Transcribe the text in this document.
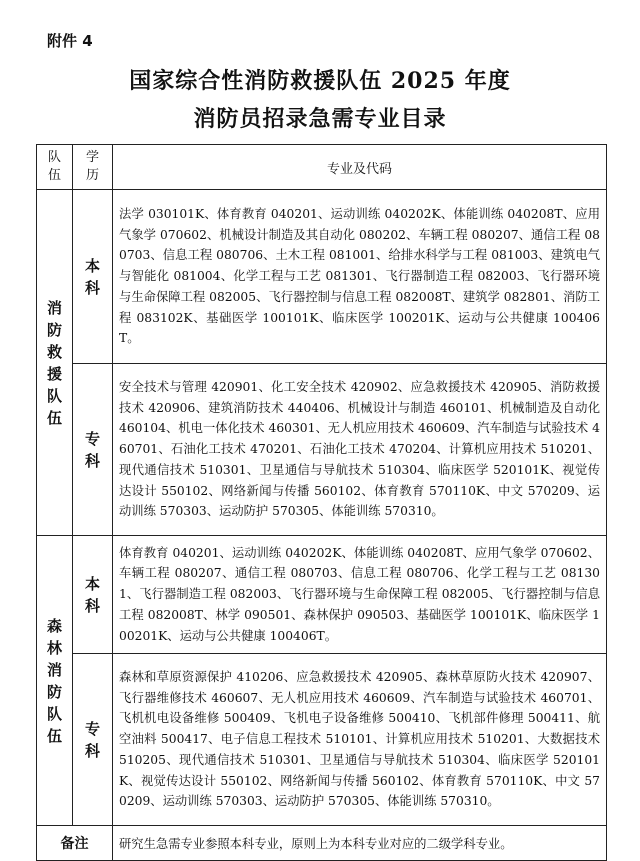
附件 4
国家综合性消防救援队伍 2025 年度
消防员招录急需专业目录
队伍	学历	专业及代码
消防救援队伍	本科	法学 030101K、体育教育 040201、运动训练 040202K、体能训练 040208T、应用气象学 070602、机械设计制造及其自动化 080202、车辆工程 080207、通信工程 080703、信息工程 080706、土木工程 081001、给排水科学与工程 081003、建筑电气与智能化 081004、化学工程与工艺 081301、飞行器制造工程 082003、飞行器环境与生命保障工程 082005、飞行器控制与信息工程 082008T、建筑学 082801、消防工程 083102K、基础医学 100101K、临床医学 100201K、运动与公共健康 100406T。
	专科	安全技术与管理 420901、化工安全技术 420902、应急救援技术 420905、消防救援技术 420906、建筑消防技术 440406、机械设计与制造 460101、机械制造及自动化 460104、机电一体化技术 460301、无人机应用技术 460609、汽车制造与试验技术 460701、石油化工技术 470201、石油化工技术 470204、计算机应用技术 510201、现代通信技术 510301、卫星通信与导航技术 510304、临床医学 520101K、视觉传达设计 550102、网络新闻与传播 560102、体育教育 570110K、中文 570209、运动训练 570303、运动防护 570305、体能训练 570310。
森林消防队伍	本科	体育教育 040201、运动训练 040202K、体能训练 040208T、应用气象学 070602、车辆工程 080207、通信工程 080703、信息工程 080706、化学工程与工艺 081301、飞行器制造工程 082003、飞行器环境与生命保障工程 082005、飞行器控制与信息工程 082008T、林学 090501、森林保护 090503、基础医学 100101K、临床医学 100201K、运动与公共健康 100406T。
	专科	森林和草原资源保护 410206、应急救援技术 420905、森林草原防火技术 420907、飞行器维修技术 460607、无人机应用技术 460609、汽车制造与试验技术 460701、飞机机电设备维修 500409、飞机电子设备维修 500410、飞机部件修理 500411、航空油料 500417、电子信息工程技术 510101、计算机应用技术 510201、大数据技术 510205、现代通信技术 510301、卫星通信与导航技术 510304、临床医学 520101K、视觉传达设计 550102、网络新闻与传播 560102、体育教育 570110K、中文 570209、运动训练 570303、运动防护 570305、体能训练 570310。
备注		研究生急需专业参照本科专业，原则上为本科专业对应的二级学科专业。
